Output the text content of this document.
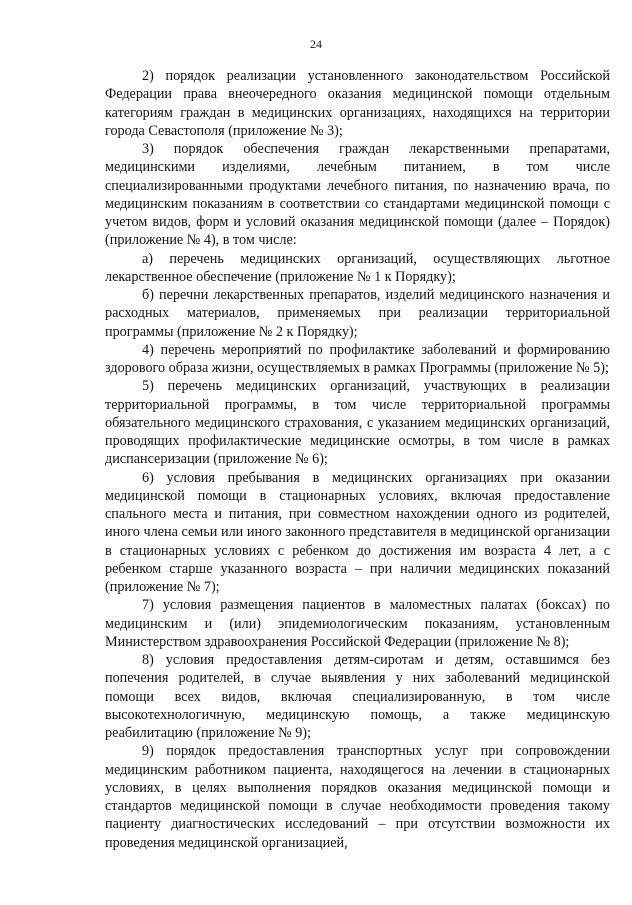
24

2) порядок реализации установленного законодательством Российской Федерации права внеочередного оказания медицинской помощи отдельным категориям граждан в медицинских организациях, находящихся на территории города Севастополя (приложение № 3);

3) порядок обеспечения граждан лекарственными препаратами, медицинскими изделиями, лечебным питанием, в том числе специализированными продуктами лечебного питания, по назначению врача, по медицинским показаниям в соответствии со стандартами медицинской помощи с учетом видов, форм и условий оказания медицинской помощи (далее – Порядок) (приложение № 4), в том числе:

а) перечень медицинских организаций, осуществляющих льготное лекарственное обеспечение (приложение № 1 к Порядку);

б) перечни лекарственных препаратов, изделий медицинского назначения и расходных материалов, применяемых при реализации территориальной программы (приложение № 2 к Порядку);

4) перечень мероприятий по профилактике заболеваний и формированию здорового образа жизни, осуществляемых в рамках Программы (приложение № 5);

5) перечень медицинских организаций, участвующих в реализации территориальной программы, в том числе территориальной программы обязательного медицинского страхования, с указанием медицинских организаций, проводящих профилактические медицинские осмотры, в том числе в рамках диспансеризации (приложение № 6);

6) условия пребывания в медицинских организациях при оказании медицинской помощи в стационарных условиях, включая предоставление спального места и питания, при совместном нахождении одного из родителей, иного члена семьи или иного законного представителя в медицинской организации в стационарных условиях с ребенком до достижения им возраста 4 лет, а с ребенком старше указанного возраста – при наличии медицинских показаний (приложение № 7);

7) условия размещения пациентов в маломестных палатах (боксах) по медицинским и (или) эпидемиологическим показаниям, установленным Министерством здравоохранения Российской Федерации (приложение № 8);

8) условия предоставления детям-сиротам и детям, оставшимся без попечения родителей, в случае выявления у них заболеваний медицинской помощи всех видов, включая специализированную, в том числе высокотехнологичную, медицинскую помощь, а также медицинскую реабилитацию (приложение № 9);

9) порядок предоставления транспортных услуг при сопровождении медицинским работником пациента, находящегося на лечении в стационарных условиях, в целях выполнения порядков оказания медицинской помощи и стандартов медицинской помощи в случае необходимости проведения такому пациенту диагностических исследований – при отсутствии возможности их проведения медицинской организацией,
